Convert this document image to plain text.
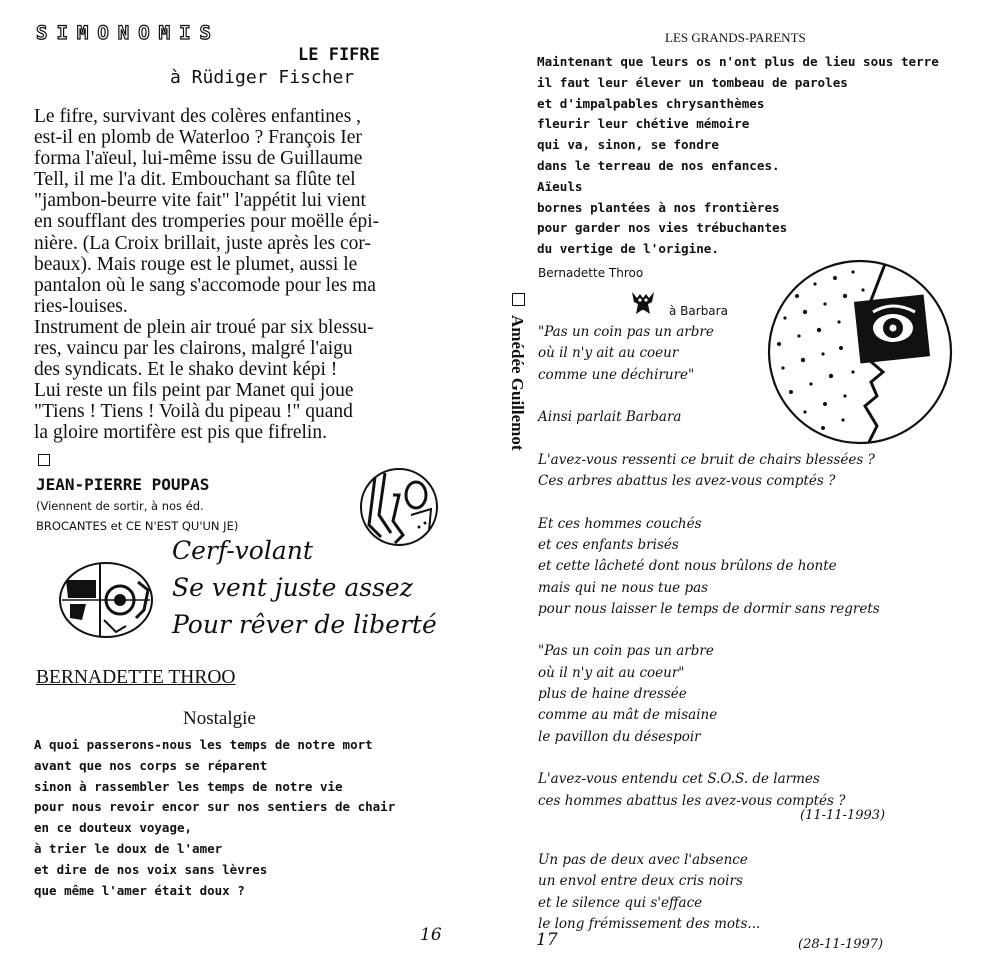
SIMONOMIS
LE FIFRE
à Rüdiger Fischer
Le fifre, survivant des colères enfantines ,
est-il en plomb de Waterloo ? François Ier
forma l'aïeul, lui-même issu de Guillaume
Tell, il me l'a dit. Embouchant sa flûte tel
"jambon-beurre vite fait" l'appétit lui vient
en soufflant des tromperies pour moëlle épi-
nière. (La Croix brillait, juste après les cor-
beaux). Mais rouge est le plumet, aussi le
pantalon où le sang s'accomode pour les ma
ries-louises.
Instrument de plein air troué par six blessu-
res, vaincu par les clairons, malgré l'aigu
des syndicats. Et le shako devint képi !
Lui reste un fils peint par Manet qui joue
"Tiens ! Tiens ! Voilà du pipeau !" quand
la gloire mortifère est pis que fifrelin.
JEAN-PIERRE POUPAS
(Viennent de sortir, à nos éd.
BROCANTES et CE N'EST QU'UN JE)
Cerf-volant
Se vent juste assez
Pour rêver de liberté
BERNADETTE THROO
Nostalgie
A quoi passerons-nous les temps de notre mort
avant que nos corps se réparent
sinon à rassembler les temps de notre vie
pour nous revoir encor sur nos sentiers de chair
en ce douteux voyage,
à trier le doux de l'amer
et dire de nos voix sans lèvres
que même l'amer était doux ?
16
LES GRANDS-PARENTS
Maintenant que leurs os n'ont plus de lieu sous terre
il faut leur élever un tombeau de paroles
et d'impalpables chrysanthèmes
fleurir leur chétive mémoire
qui va, sinon, se fondre
dans le terreau de nos enfances.
Aïeuls
bornes plantées à nos frontières
pour garder nos vies trébuchantes
du vertige de l'origine.
Bernadette Throo
Amédée Guillemot
à Barbara
"Pas un coin pas un arbre
où il n'y ait au coeur
comme une déchirure"
Ainsi parlait Barbara
L'avez-vous ressenti ce bruit de chairs blessées ?
Ces arbres abattus les avez-vous comptés ?
Et ces hommes couchés
et ces enfants brisés
et cette lâcheté dont nous brûlons de honte
mais qui ne nous tue pas
pour nous laisser le temps de dormir sans regrets
"Pas un coin pas un arbre
où il n'y ait au coeur"
plus de haine dressée
comme au mât de misaine
le pavillon du désespoir
L'avez-vous entendu cet S.O.S. de larmes
ces hommes abattus les avez-vous comptés ?
(11-11-1993)
Un pas de deux avec l'absence
un envol entre deux cris noirs
et le silence qui s'efface
le long frémissement des mots...
(28-11-1997)
17
